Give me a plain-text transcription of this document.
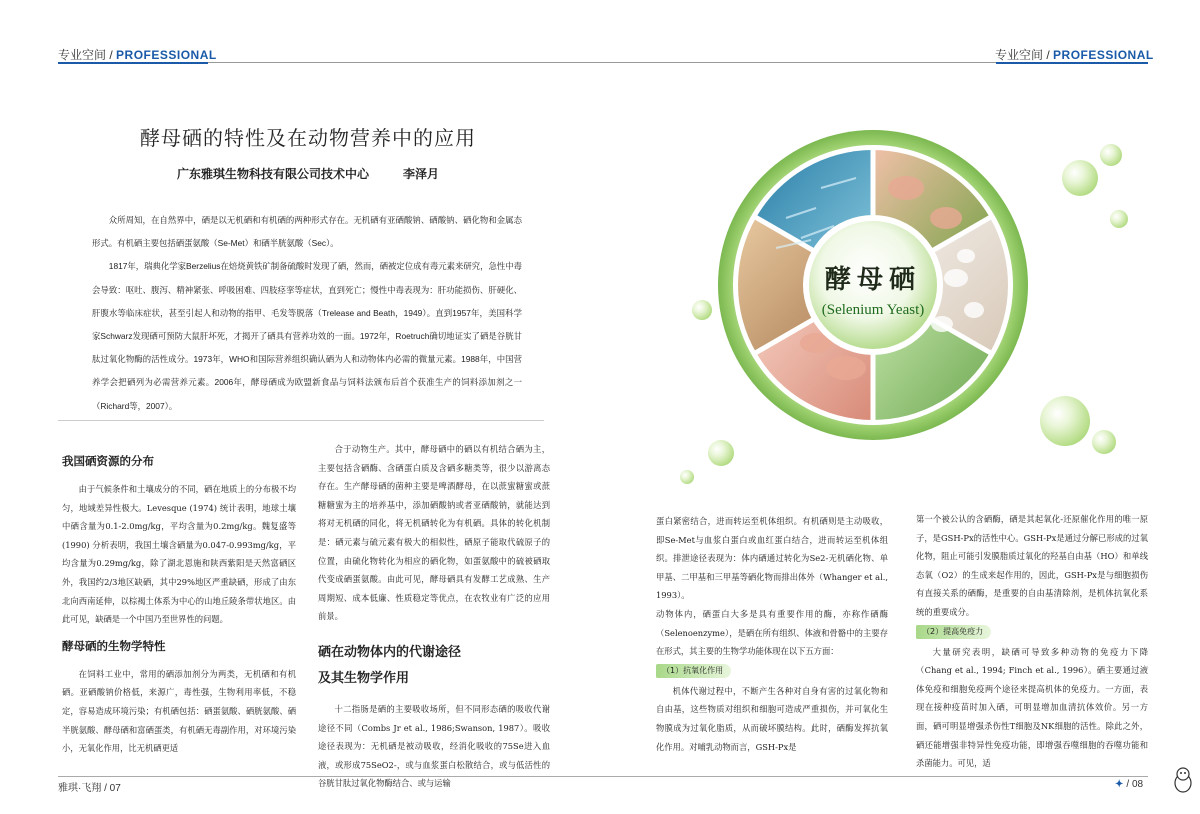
专业空间 / PROFESSIONAL	专业空间 / PROFESSIONAL
酵母硒的特性及在动物营养中的应用
广东雅琪生物科技有限公司技术中心	李泽月

众所周知，在自然界中，硒是以无机硒和有机硒的两种形式存在。无机硒有亚硒酸钠、硒酸钠、硒化物和金属态形式。有机硒主要包括硒蛋氨酸（Se-Met）和硒半胱氨酸（Sec）。

1817年，瑞典化学家Berzelius在焙烧黄铁矿制备硫酸时发现了硒，然而，硒被定位成有毒元素来研究，急性中毒会导致：呕吐、腹泻、精神紧张、呼吸困难、四肢痉挛等症状，直到死亡；慢性中毒表现为：肝功能损伤、肝硬化、肝腹水等临床症状，甚至引起人和动物的指甲、毛发等脱落（Trelease and Beath，1949）。直到1957年，美国科学家Schwarz发现硒可预防大鼠肝坏死，才揭开了硒具有营养功效的一面。1972年，Roetruch确切地证实了硒是谷胱甘肽过氧化物酶的活性成分。1973年，WHO和国际营养组织确认硒为人和动物体内必需的微量元素。1988年，中国营养学会把硒列为必需营养元素。2006年，酵母硒成为欧盟新食品与饲料法颁布后首个获准生产的饲料添加剂之一（Richard等，2007）。

我国硒资源的分布

由于气候条件和土壤成分的不同，硒在地质上的分布极不均匀，地域差异性极大。Levesque (1974) 统计表明，地球土壤中硒含量为0.1-2.0mg/kg，平均含量为0.2mg/kg。魏复盛等 (1990) 分析表明，我国土壤含硒量为0.047-0.993mg/kg，平均含量为0.29mg/kg，除了湖北恩施和陕西紫阳是天然富硒区外，我国约2/3地区缺硒，其中29%地区严重缺硒，形成了由东北向西南延伸，以棕褐土体系为中心的山地丘陵条带状地区。由此可见，缺硒是一个中国乃至世界性的问题。

酵母硒的生物学特性

在饲料工业中，常用的硒添加剂分为两类，无机硒和有机硒。亚硒酸钠价格低，来源广，毒性强，生物利用率低，不稳定，容易造成环境污染；有机硒包括：硒蛋氨酸、硒胱氨酸、硒半胱氨酸、酵母硒和富硒蛋类，有机硒无毒副作用，对环境污染小，无氧化作用，比无机硒更适

合于动物生产。其中，酵母硒中的硒以有机结合硒为主，主要包括含硒酶、含硒蛋白质及含硒多糖类等，很少以游离态存在。生产酵母硒的菌种主要是啤酒酵母，在以蔗蜜糖蜜或蔗糖糖蜜为主的培养基中，添加硒酸钠或者亚硒酸钠，就能达到将对无机硒的同化，将无机硒转化为有机硒。具体的转化机制是：硒元素与硫元素有极大的相似性，硒原子能取代硫原子的位置，由硫化物转化为相应的硒化物，如蛋氨酸中的硫被硒取代变成硒蛋氨酸。由此可见，酵母硒具有发酵工艺成熟、生产周期短、成本低廉、性质稳定等优点，在农牧业有广泛的应用前景。

硒在动物体内的代谢途径
及其生物学作用

十二指肠是硒的主要吸收场所，但不同形态硒的吸收代谢途径不同（Combs Jr et al., 1986;Swanson, 1987）。吸收途径表现为：无机硒是被动吸收，经消化吸收的75Se进入血液，或形成75SeO2-，或与血浆蛋白松散结合，或与低活性的谷胱甘肽过氧化物酶结合、或与运输

蛋白紧密结合，进而转运至机体组织。有机硒则是主动吸收，即Se-Met与血浆白蛋白或血红蛋白结合，进而转运至机体组织。排泄途径表现为：体内硒通过转化为Se2-无机硒化物、单甲基、二甲基和三甲基等硒化物而排出体外（Whanger et al., 1993）。

动物体内，硒蛋白大多是具有重要作用的酶，亦称作硒酶（Selenoenzyme），是硒在所有组织、体液和骨骼中的主要存在形式，其主要的生物学功能体现在以下五方面：

（1）抗氧化作用

机体代谢过程中，不断产生各种对自身有害的过氧化物和自由基，这些物质对组织和细胞可造成严重损伤，并可氧化生物膜成为过氧化脂质，从而破坏膜结构。此时，硒酶发挥抗氧化作用。对哺乳动物而言，GSH-Px是

第一个被公认的含硒酶，硒是其起氧化-还原催化作用的唯一原子，是GSH-Px的活性中心。GSH-Px是通过分解已形成的过氧化物，阻止可能引发膜脂质过氧化的羟基自由基（HO）和单线态氧（O2）的生成来起作用的，因此，GSH-Px是与细胞损伤有直接关系的硒酶，是重要的自由基清除剂，是机体抗氧化系统的重要成分。

（2）提高免疫力

大量研究表明，缺硒可导致多种动物的免疫力下降（Chang et al., 1994; Finch et al., 1996）。硒主要通过液体免疫和细胞免疫两个途径来提高机体的免疫力。一方面，表现在接种疫苗时加入硒，可明显增加血清抗体效价。另一方面，硒可明显增强杀伤性T细胞及NK细胞的活性。除此之外，硒还能增强非特异性免疫功能，即增强吞噬细胞的吞噬功能和杀菌能力。可见，适

酵母硒
(Selenium Yeast)
雅琪·飞翔 / 07	✦ / 08
